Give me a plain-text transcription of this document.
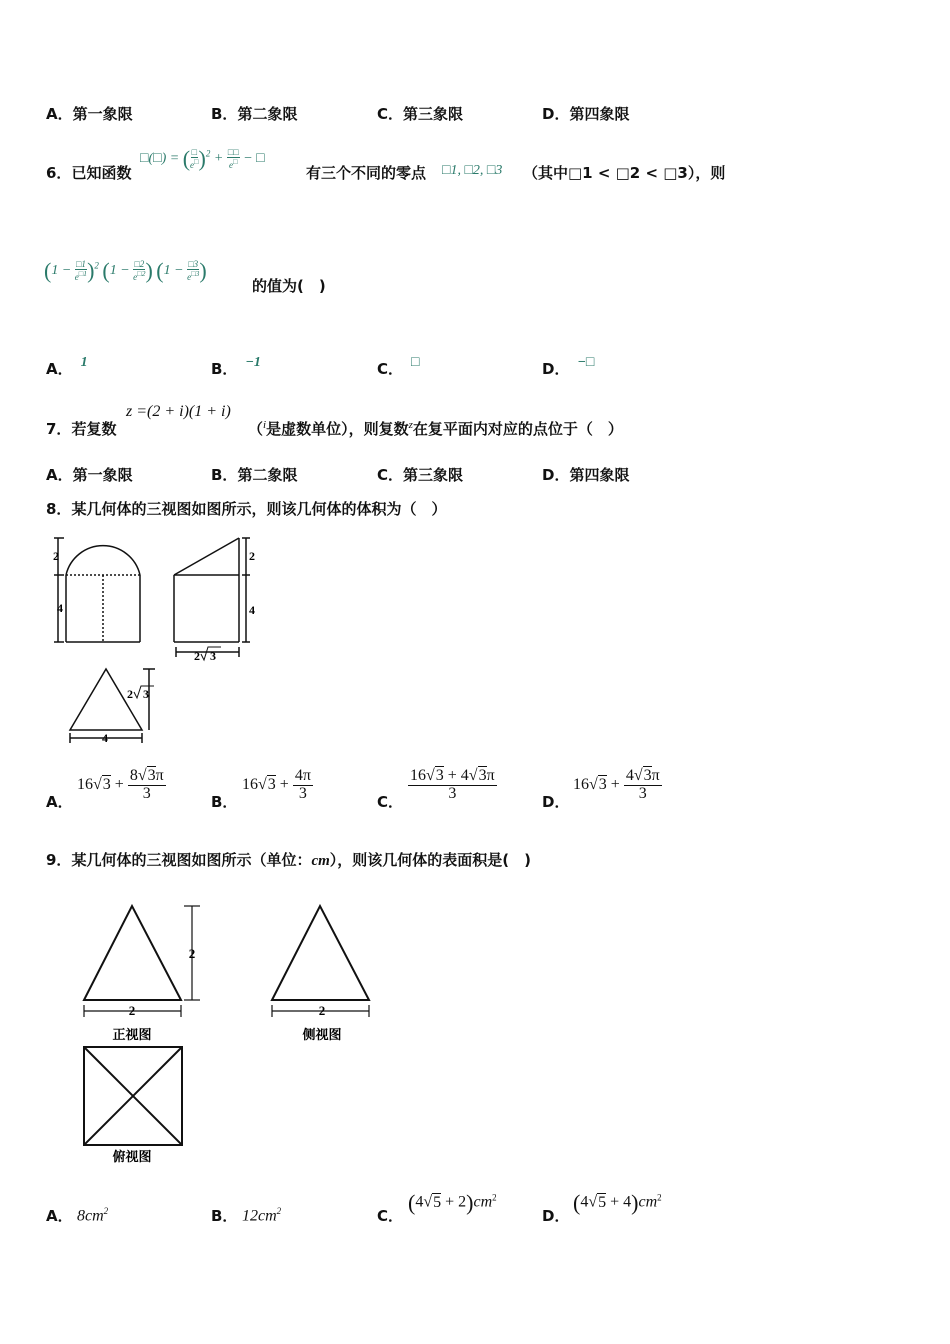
A．第一象限	B．第二象限	C．第三象限	D．第四象限
6．已知函数
□(□) = ( $\frac{□}{e^□} )^2 + \frac{□□}{e^□}$ − □
有三个不同的零点 □1, □2, □3 （其中□1 < □2 < □3），则
$(1 - \frac{□1}{e^{□1}} )^2$ ($1 - \frac{□2}{e^{□2}}$ ) ($1 - \frac{□3}{e^{□3}}$ )
的值为(　)
A． 1	B． −1	C． □	D． −□
7．若复数
z =(2 + i)(1 + i)
（$^i$是虚数单位），则复数$^z$在复平面内对应的点位于（　）
A．第一象限	B．第二象限	C．第三象限	D．第四象限
8．某几何体的三视图如图所示，则该几何体的体积为（　）
2
4
2
4
2 3
4
2 3
A．
$16√3 + \frac{8√3\pi}{3}$	B．
$16√3 + \frac{4\pi}{3}$	C． $\frac{16√3 + 4√3\pi}{3}$	D．
$16√3 + \frac{4√3\pi}{3}$
9．某几何体的三视图如图所示（单位：cm），则该几何体的表面积是(　)
2
2
2
正视图	侧视图
俯视图
A． $8cm^2$	B． $12cm^2$	C．
$(4√5 + 2)cm^2$
D．
$(4√5 + 4)cm^2$
